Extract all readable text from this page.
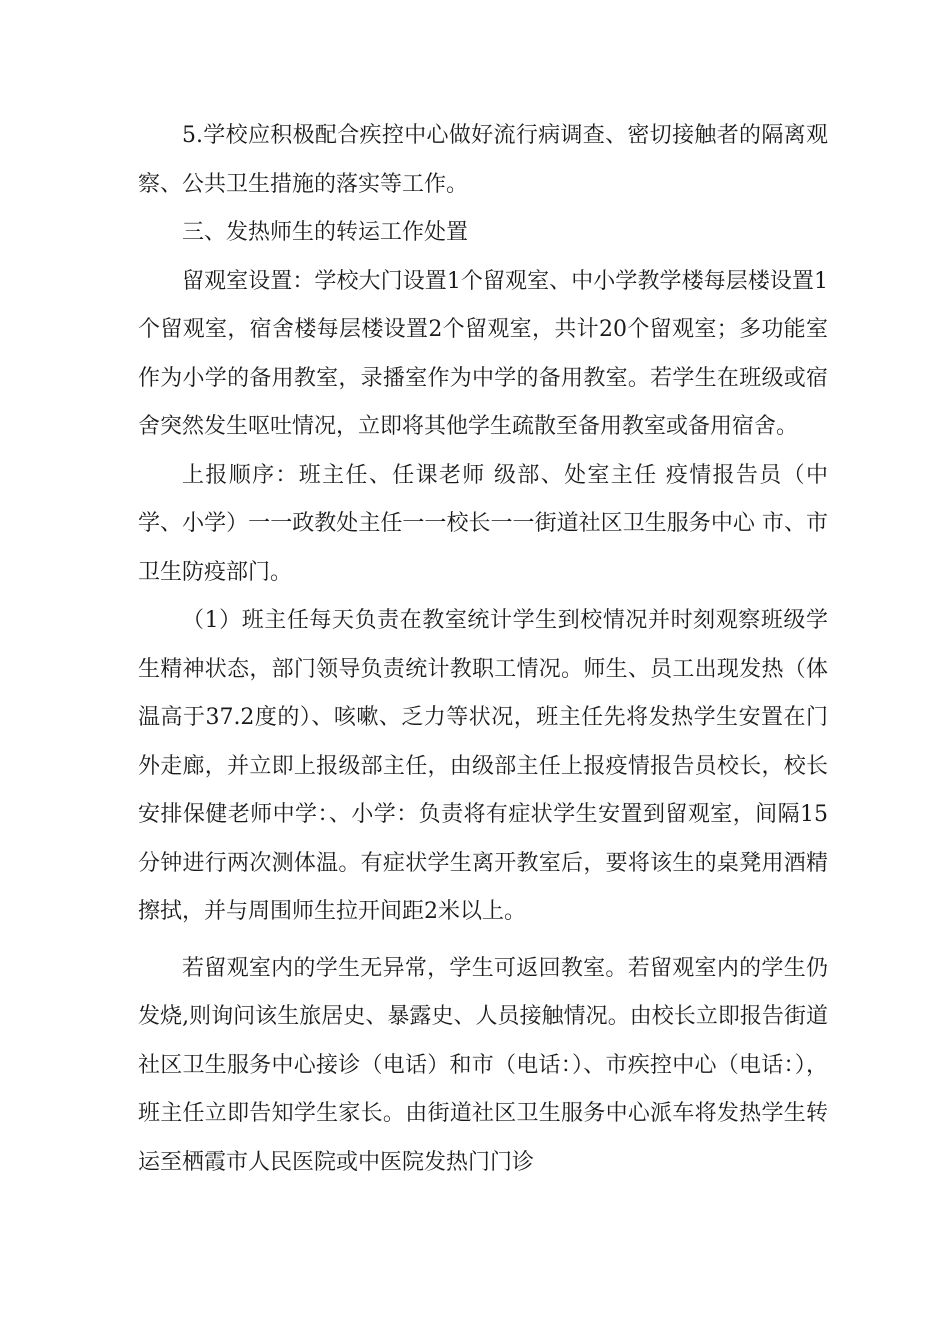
5.学校应积极配合疾控中心做好流行病调查、密切接触者的隔离观察、公共卫生措施的落实等工作。

三、发热师生的转运工作处置

留观室设置：学校大门设置1个留观室、中小学教学楼每层楼设置1个留观室，宿舍楼每层楼设置2个留观室，共计20个留观室；多功能室作为小学的备用教室，录播室作为中学的备用教室。若学生在班级或宿舍突然发生呕吐情况，立即将其他学生疏散至备用教室或备用宿舍。

上报顺序：班主任、任课老师 级部、处室主任 疫情报告员（中学、小学）一一政教处主任一一校长一一街道社区卫生服务中心 市、市卫生防疫部门。

（1）班主任每天负责在教室统计学生到校情况并时刻观察班级学生精神状态，部门领导负责统计教职工情况。师生、员工出现发热（体温高于37.2度的）、咳嗽、乏力等状况，班主任先将发热学生安置在门外走廊，并立即上报级部主任，由级部主任上报疫情报告员校长，校长安排保健老师中学：、小学：负责将有症状学生安置到留观室，间隔15分钟进行两次测体温。有症状学生离开教室后，要将该生的桌凳用酒精擦拭，并与周围师生拉开间距2米以上。

若留观室内的学生无异常，学生可返回教室。若留观室内的学生仍发烧,则询问该生旅居史、暴露史、人员接触情况。由校长立即报告街道社区卫生服务中心接诊（电话）和市（电话：）、市疾控中心（电话：），班主任立即告知学生家长。由街道社区卫生服务中心派车将发热学生转运至栖霞市人民医院或中医院发热门门诊
